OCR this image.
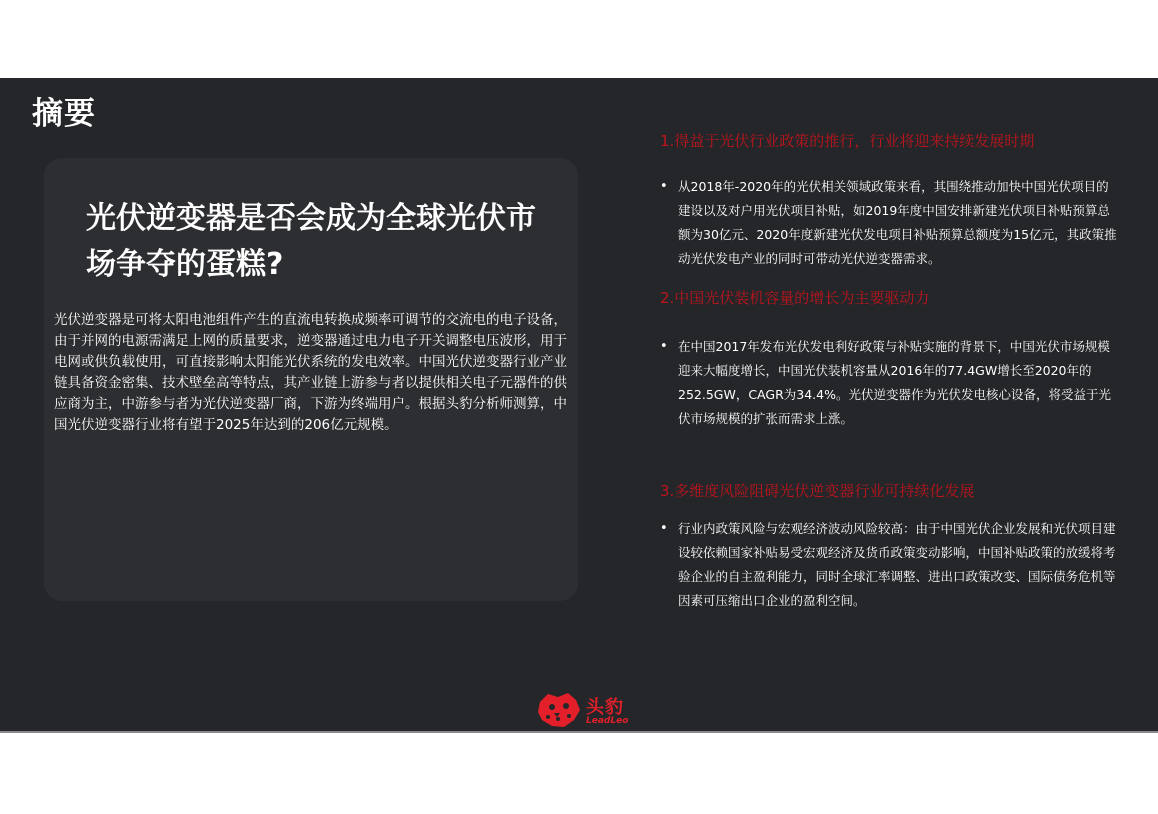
摘要
光伏逆变器是否会成为全球光伏市场争夺的蛋糕?

光伏逆变器是可将太阳电池组件产生的直流电转换成频率可调节的交流电的电子设备，由于并网的电源需满足上网的质量要求，逆变器通过电力电子开关调整电压波形，用于电网或供负载使用，可直接影响太阳能光伏系统的发电效率。中国光伏逆变器行业产业链具备资金密集、技术壁垒高等特点，其产业链上游参与者以提供相关电子元器件的供应商为主，中游参与者为光伏逆变器厂商，下游为终端用户。根据头豹分析师测算，中国光伏逆变器行业将有望于2025年达到的206亿元规模。

1.得益于光伏行业政策的推行，行业将迎来持续发展时期
• 从2018年-2020年的光伏相关领域政策来看，其围绕推动加快中国光伏项目的建设以及对户用光伏项目补贴，如2019年度中国安排新建光伏项目补贴预算总额为30亿元、2020年度新建光伏发电项目补贴预算总额度为15亿元，其政策推动光伏发电产业的同时可带动光伏逆变器需求。

2.中国光伏装机容量的增长为主要驱动力
• 在中国2017年发布光伏发电利好政策与补贴实施的背景下，中国光伏市场规模迎来大幅度增长，中国光伏装机容量从2016年的77.4GW增长至2020年的252.5GW，CAGR为34.4%。光伏逆变器作为光伏发电核心设备，将受益于光伏市场规模的扩张而需求上涨。

3.多维度风险阻碍光伏逆变器行业可持续化发展
• 行业内政策风险与宏观经济波动风险较高：由于中国光伏企业发展和光伏项目建设较依赖国家补贴易受宏观经济及货币政策变动影响，中国补贴政策的放缓将考验企业的自主盈利能力，同时全球汇率调整、进出口政策改变、国际债务危机等因素可压缩出口企业的盈利空间。

头豹
LeadLeo
